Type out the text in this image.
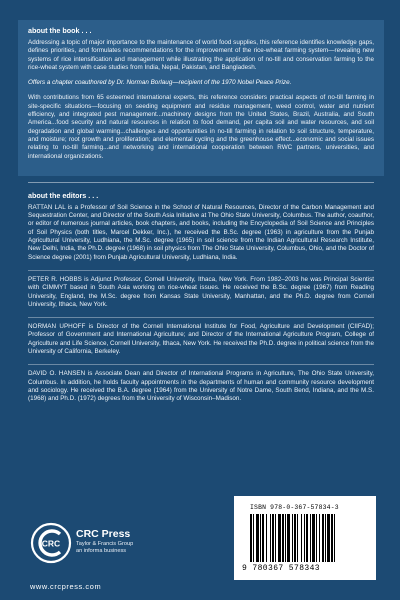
about the book . . .

Addressing a topic of major importance to the maintenance of world food supplies, this reference identifies knowledge gaps, defines priorities, and formulates recommendations for the improvement of the rice-wheat farming system—revealing new systems of rice intensification and management while illustrating the application of no-till and conservation farming to the rice-wheat system with case studies from India, Nepal, Pakistan, and Bangladesh.

Offers a chapter coauthored by Dr. Norman Borlaug—recipient of the 1970 Nobel Peace Prize.

With contributions from 65 esteemed international experts, this reference considers practical aspects of no-till farming in site-specific situations—focusing on seeding equipment and residue management, weed control, water and nutrient efficiency, and integrated pest management...machinery designs from the United States, Brazil, Australia, and South America...food security and natural resources in relation to food demand, per capita soil and water resources, and soil degradation and global warming...challenges and opportunities in no-till farming in relation to soil structure, temperature, and moisture; root growth and proliferation; and elemental cycling and the greenhouse effect...economic and social issues relating to no-till farming...and networking and international cooperation between RWC partners, universities, and international organizations.

about the editors . . .

RATTAN LAL is a Professor of Soil Science in the School of Natural Resources, Director of the Carbon Management and Sequestration Center, and Director of the South Asia Initiative at The Ohio State University, Columbus. The author, coauthor, or editor of numerous journal articles, book chapters, and books, including the Encyclopedia of Soil Science and Principles of Soil Physics (both titles, Marcel Dekker, Inc.), he received the B.Sc. degree (1963) in agriculture from the Punjab Agricultural University, Ludhiana, the M.Sc. degree (1965) in soil science from the Indian Agricultural Research Institute, New Delhi, India, the Ph.D. degree (1968) in soil physics from The Ohio State University, Columbus, Ohio, and the Doctor of Science degree (2001) from Punjab Agricultural University, Ludhiana, India.

PETER R. HOBBS is Adjunct Professor, Cornell University, Ithaca, New York. From 1982–2003 he was Principal Scientist with CIMMYT based in South Asia working on rice-wheat issues. He received the B.Sc. degree (1967) from Reading University, England, the M.Sc. degree from Kansas State University, Manhattan, and the Ph.D. degree from Cornell University, Ithaca, New York.

NORMAN UPHOFF is Director of the Cornell International Institute for Food, Agriculture and Development (CIIFAD); Professor of Government and International Agriculture; and Director of the International Agriculture Program, College of Agriculture and Life Science, Cornell University, Ithaca, New York. He received the Ph.D. degree in political science from the University of California, Berkeley.

DAVID O. HANSEN is Associate Dean and Director of International Programs in Agriculture, The Ohio State University, Columbus. In addition, he holds faculty appointments in the departments of human and community resource development and sociology. He received the B.A. degree (1964) from the University of Notre Dame, South Bend, Indiana, and the M.S. (1968) and Ph.D. (1972) degrees from the University of Wisconsin–Madison.

CRC
CRC Press
Taylor & Francis Group
an informa business
www.crcpress.com
ISBN 978-0-367-57834-3
9 780367 578343
